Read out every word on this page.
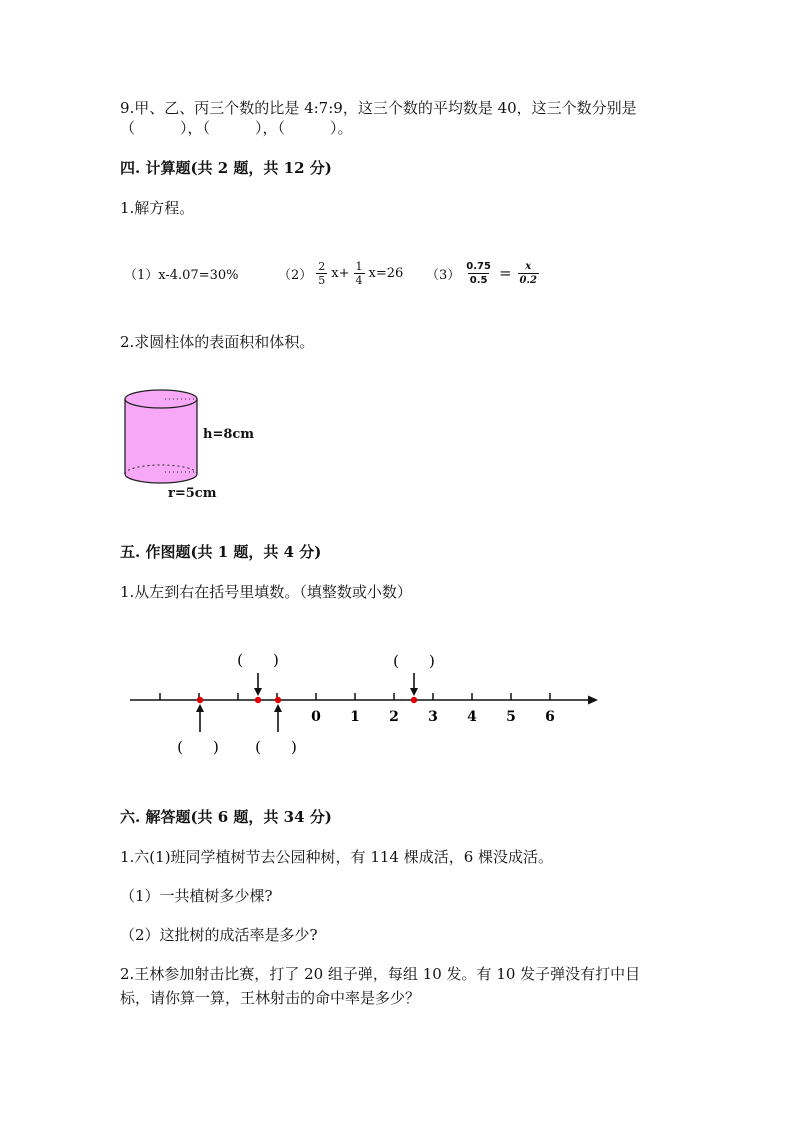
9.甲、乙、丙三个数的比是 4:7:9，这三个数的平均数是 40，这三个数分别是
（　　　），（　　　），（　　　）。
四. 计算题(共 2 题，共 12 分)
1.解方程。
（1）x-4.07=30%	$(2) \frac{2}{5} x+ \frac{1}{4} x=26$ $(3) \frac{0.75}{0.5} = \frac{x}{0.2}$
2.求圆柱体的表面积和体积。
h=8cm
r=5cm
五. 作图题(共 1 题，共 4 分)
1.从左到右在括号里填数。（填整数或小数）
0 1 2 3 4 5 6
(　　)	(　　)
(　　) (　　)
六. 解答题(共 6 题，共 34 分)
1.六(1)班同学植树节去公园种树，有 114 棵成活，6 棵没成活。
（1）一共植树多少棵?
（2）这批树的成活率是多少?
2.王林参加射击比赛，打了 20 组子弹，每组 10 发。有 10 发子弹没有打中目
标，请你算一算，王林射击的命中率是多少？
